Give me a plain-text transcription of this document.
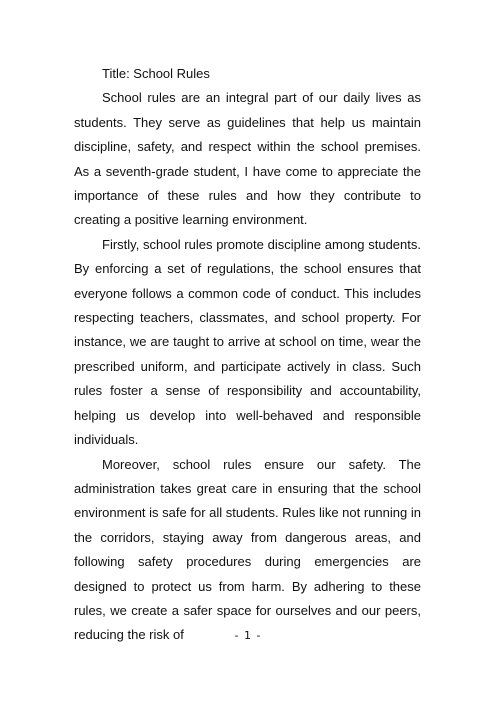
Title: School Rules

School rules are an integral part of our daily lives as students. They serve as guidelines that help us maintain discipline, safety, and respect within the school premises. As a seventh-grade student, I have come to appreciate the importance of these rules and how they contribute to creating a positive learning environment.

Firstly, school rules promote discipline among students. By enforcing a set of regulations, the school ensures that everyone follows a common code of conduct. This includes respecting teachers, classmates, and school property. For instance, we are taught to arrive at school on time, wear the prescribed uniform, and participate actively in class. Such rules foster a sense of responsibility and accountability, helping us develop into well-behaved and responsible individuals.

Moreover, school rules ensure our safety. The administration takes great care in ensuring that the school environment is safe for all students. Rules like not running in the corridors, staying away from dangerous areas, and following safety procedures during emergencies are designed to protect us from harm. By adhering to these rules, we create a safer space for ourselves and our peers, reducing the risk of	- 1 -
